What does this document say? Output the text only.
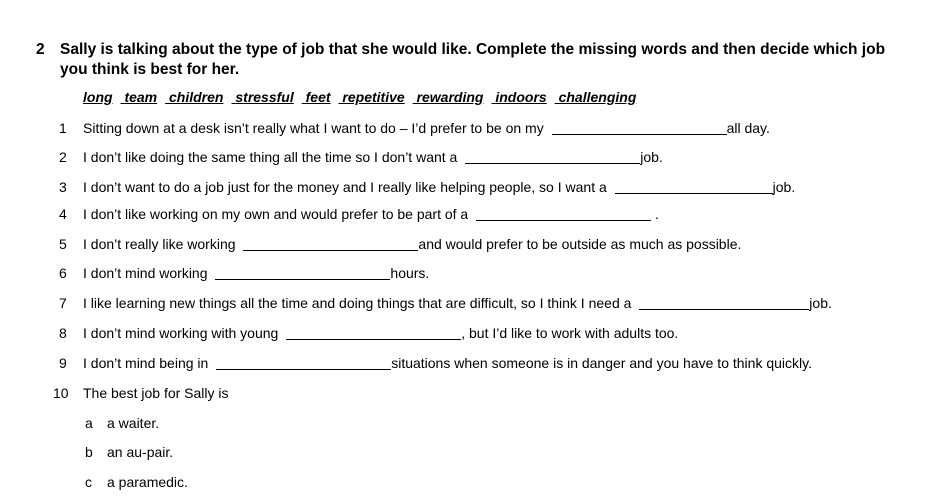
2 Sally is talking about the type of job that she would like. Complete the missing words and then decide which job you think is best for her.
long team children stressful feet repetitive rewarding indoors challenging
1 Sitting down at a desk isn’t really what I want to do – I’d prefer to be on my	all day.
2 I don’t like doing the same thing all the time so I don’t want a	job.
3 I don’t want to do a job just for the money and I really like helping people, so I want a	job.
4 I don’t like working on my own and would prefer to be part of a	.
5 I don’t really like working	and would prefer to be outside as much as possible.
6 I don’t mind working	hours.
7 I like learning new things all the time and doing things that are difficult, so I think I need a	job.
8 I don’t mind working with young	, but I’d like to work with adults too.
9 I don’t mind being in	situations when someone is in danger and you have to think quickly.
10 The best job for Sally is
a a waiter.
b an au-pair.
c a paramedic.
